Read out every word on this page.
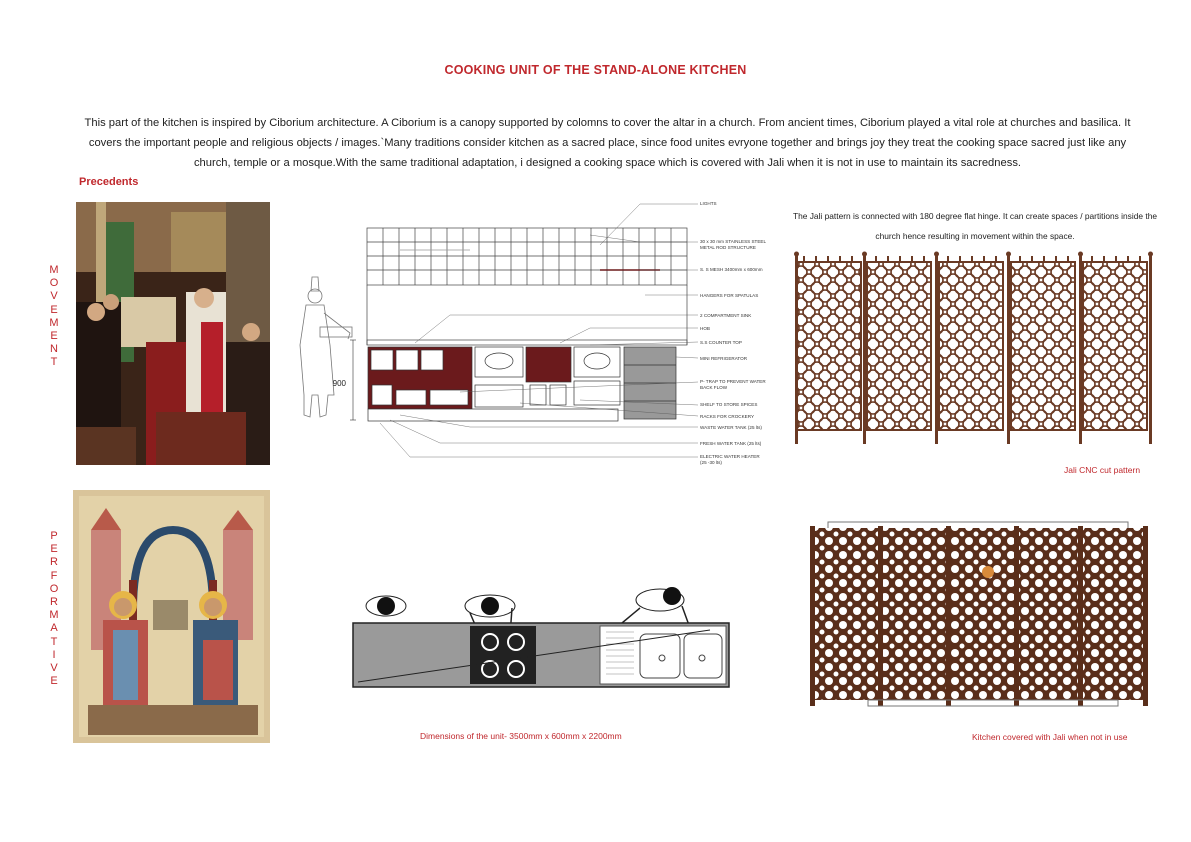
COOKING UNIT OF THE STAND-ALONE KITCHEN
This part of the kitchen is inspired by Ciborium architecture. A Ciborium is a canopy supported by colomns to cover the altar in a church. From ancient times, Ciborium played a vital role at churches and basilica. It covers the important people and religious objects / images.`Many traditions consider kitchen as a sacred place, since food unites evryone together and brings joy they treat the cooking space sacred just like any church, temple or a mosque.With the same traditional adaptation, i designed a cooking space which is covered with Jali when it is not in use to maintain its sacredness.
Precedents
M
O
V
E
M
E
N
T
P
E
R
F
O
R
M
A
T
I
V
E
900
LIGHTS
30 x 30 mm STAINLESS STEEL
METAL ROD STRUCTURE
S. S MESH 3400mm x 600mm
HANGERS FOR SPATULAS
2 COMPARTMENT SINK
HOB
S.S COUNTER TOP
MINI REFRIGERATOR
P- TRAP TO PREVENT WATER
BACK FLOW
SHELF TO STORE SPICES
RACKS FOR CROCKERY
WASTE WATER TANK (25 lts)
FRESH WATER TANK (25 lts)
ELECTRIC WATER HEATER
(25 -30 lts)
The Jali pattern is connected with 180 degree flat hinge. It can create spaces / partitions inside the church hence resulting in movement within the space.
Jali CNC cut pattern
Dimensions of the unit- 3500mm x 600mm x 2200mm	Kitchen covered with Jali when not in use
